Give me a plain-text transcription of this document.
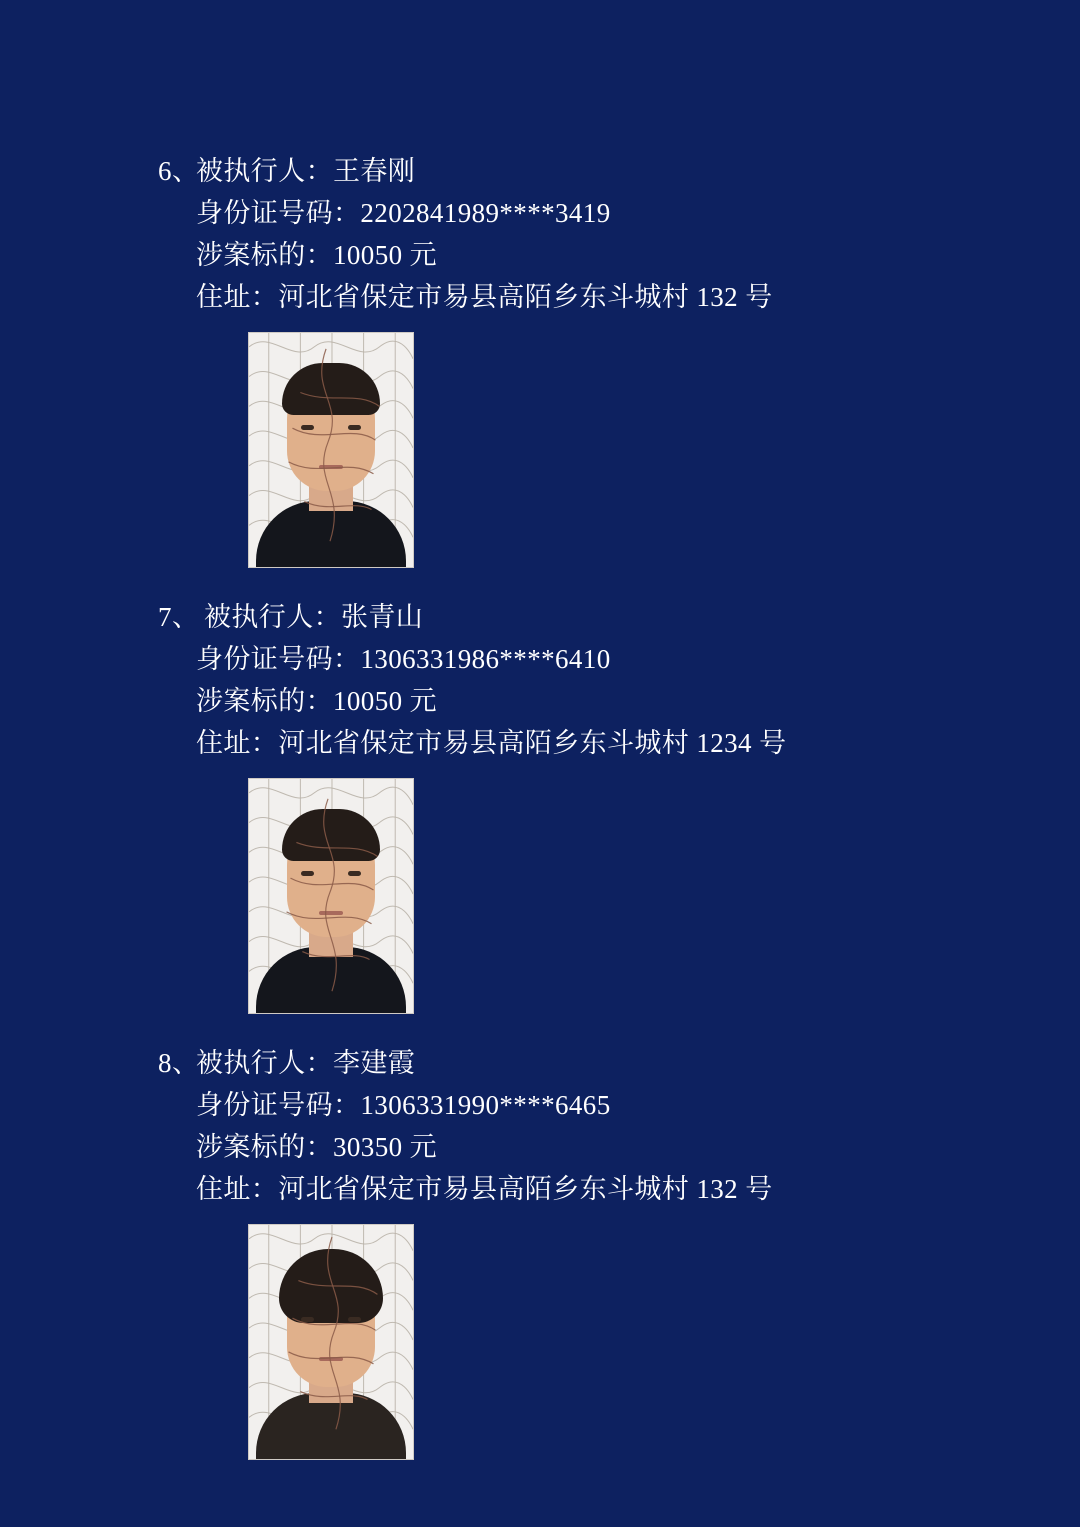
6、
被执行人：王春刚
身份证号码：2202841989****3419
涉案标的：10050 元
住址：河北省保定市易县高陌乡东斗城村 132 号
7、 被执行人：张青山
身份证号码：1306331986****6410
涉案标的：10050 元
住址：河北省保定市易县高陌乡东斗城村 1234 号
8、
被执行人：李建霞
身份证号码：1306331990****6465
涉案标的：30350 元
住址：河北省保定市易县高陌乡东斗城村 132 号
